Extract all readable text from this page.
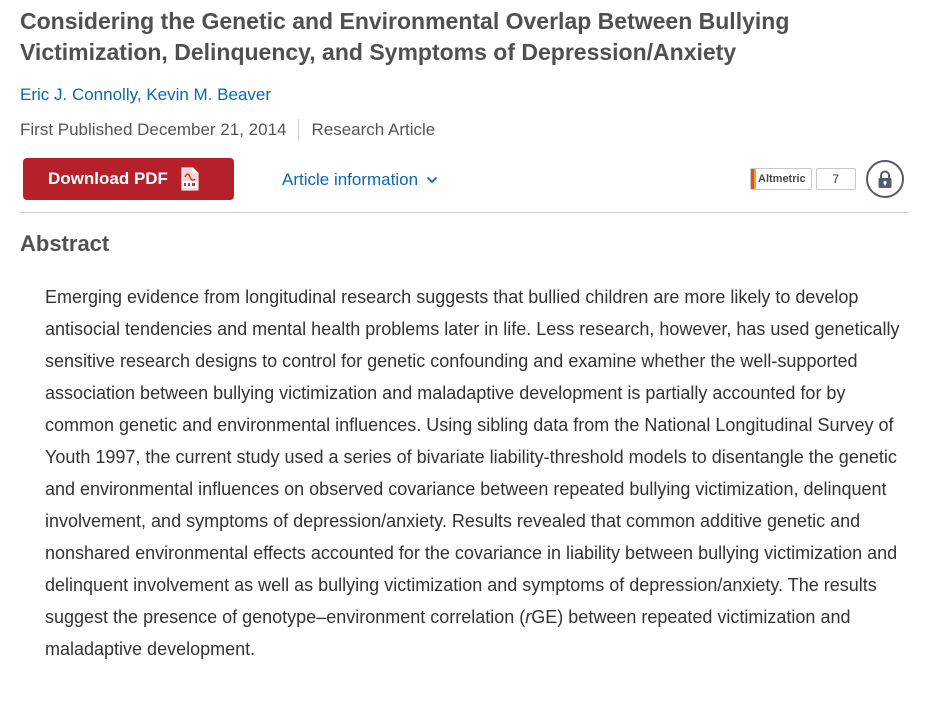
Considering the Genetic and Environmental Overlap Between Bullying Victimization, Delinquency, and Symptoms of Depression/Anxiety
Eric J. Connolly, Kevin M. Beaver
First Published December 21, 2014 Research Article
Download PDF	Article information	Altmetric	7
Abstract

Emerging evidence from longitudinal research suggests that bullied children are more likely to develop antisocial tendencies and mental health problems later in life. Less research, however, has used genetically sensitive research designs to control for genetic confounding and examine whether the well-supported association between bullying victimization and maladaptive development is partially accounted for by common genetic and environmental influences. Using sibling data from the National Longitudinal Survey of Youth 1997, the current study used a series of bivariate liability-threshold models to disentangle the genetic and environmental influences on observed covariance between repeated bullying victimization, delinquent involvement, and symptoms of depression/anxiety. Results revealed that common additive genetic and nonshared environmental effects accounted for the covariance in liability between bullying victimization and delinquent involvement as well as bullying victimization and symptoms of depression/anxiety. The results suggest the presence of genotype–environment correlation (rGE) between repeated victimization and maladaptive development.
